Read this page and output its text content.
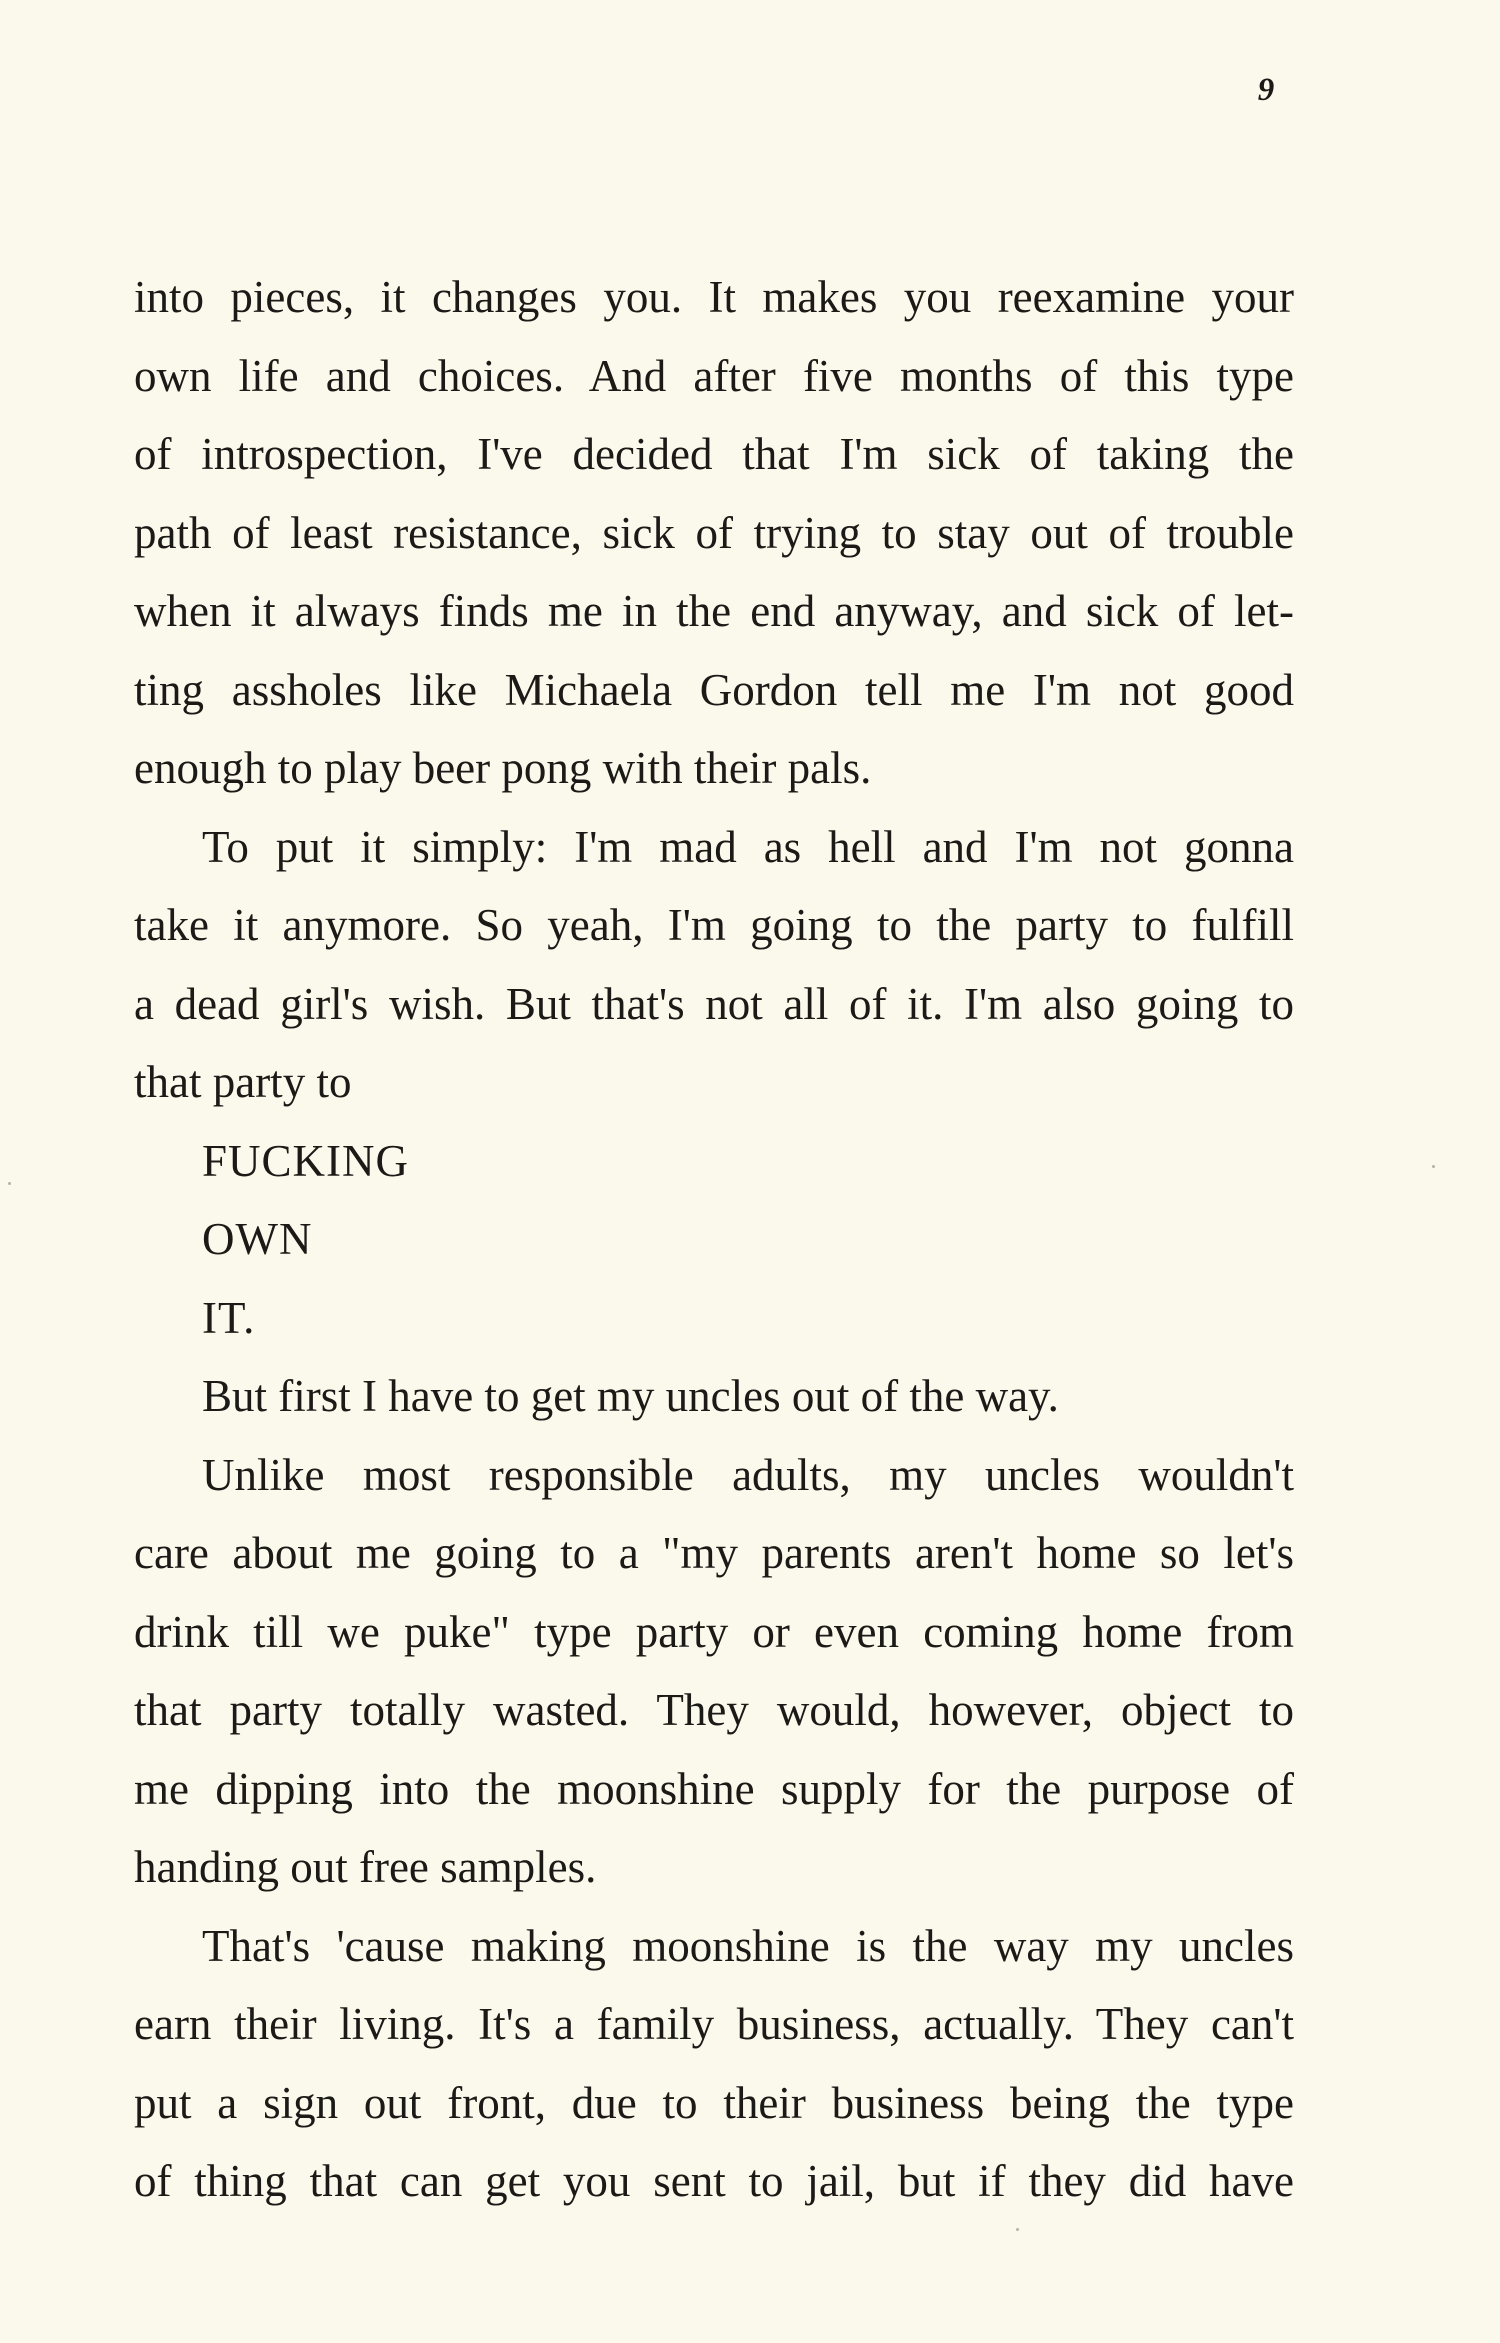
9
into pieces, it changes you. It makes you reexamine your
own life and choices. And after five months of this type
of introspection, I've decided that I'm sick of taking the
path of least resistance, sick of trying to stay out of trouble
when it always finds me in the end anyway, and sick of let-
ting assholes like Michaela Gordon tell me I'm not good
enough to play beer pong with their pals.
To put it simply: I'm mad as hell and I'm not gonna
take it anymore. So yeah, I'm going to the party to fulfill
a dead girl's wish. But that's not all of it. I'm also going to
that party to
FUCKING
OWN
IT.
But first I have to get my uncles out of the way.
Unlike most responsible adults, my uncles wouldn't
care about me going to a "my parents aren't home so let's
drink till we puke" type party or even coming home from
that party totally wasted. They would, however, object to
me dipping into the moonshine supply for the purpose of
handing out free samples.
That's 'cause making moonshine is the way my uncles
earn their living. It's a family business, actually. They can't
put a sign out front, due to their business being the type
of thing that can get you sent to jail, but if they did have
